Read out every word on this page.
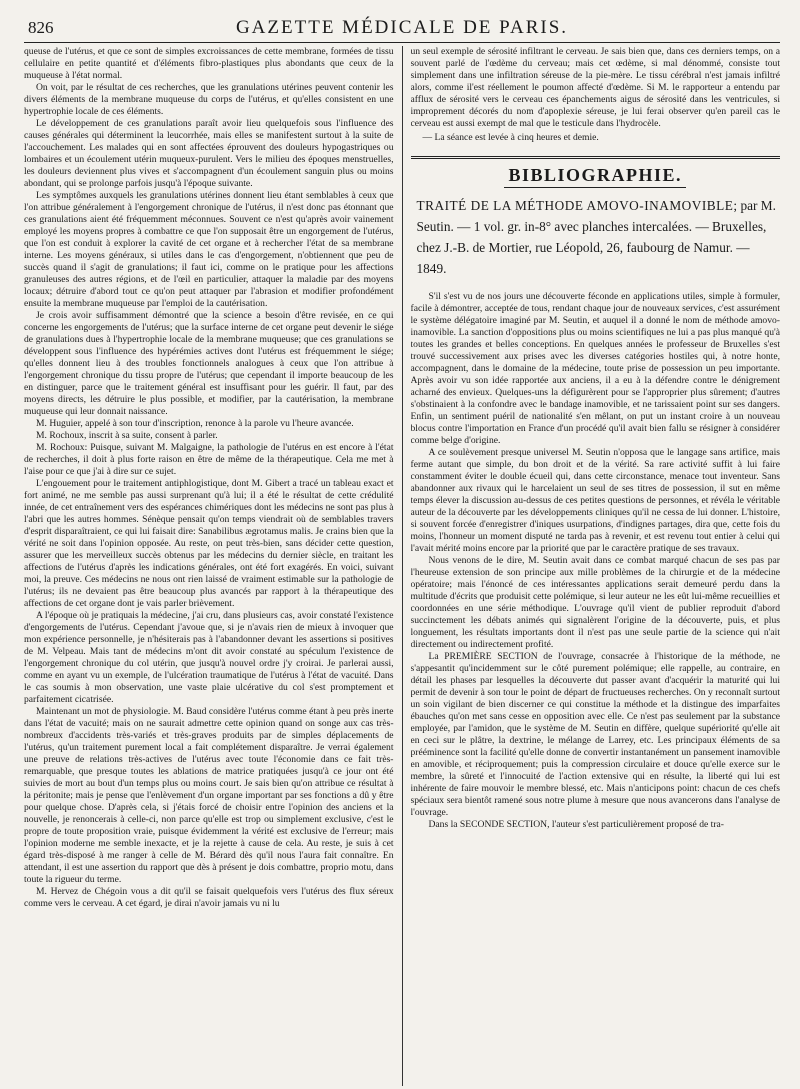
826	GAZETTE MÉDICALE DE PARIS.

queuse de l'utérus, et que ce sont de simples excroissances de cette membrane, formées de tissu cellulaire en petite quantité et d'éléments fibro-plastiques plus abondants que ceux de la muqueuse à l'état normal.

On voit, par le résultat de ces recherches, que les granulations utérines peuvent contenir les divers éléments de la membrane muqueuse du corps de l'utérus, et qu'elles consistent en une hypertrophie locale de ces éléments.

Le développement de ces granulations paraît avoir lieu quelquefois sous l'influence des causes générales qui déterminent la leucorrhée, mais elles se manifestent surtout à la suite de l'accouchement. Les malades qui en sont affectées éprouvent des douleurs hypogastriques ou lombaires et un écoulement utérin muqueux-purulent. Vers le milieu des époques menstruelles, les douleurs deviennent plus vives et s'accompagnent d'un écoulement sanguin plus ou moins abondant, qui se prolonge parfois jusqu'à l'époque suivante.

Les symptômes auxquels les granulations utérines donnent lieu étant semblables à ceux que l'on attribue généralement à l'engorgement chronique de l'utérus, il n'est donc pas étonnant que ces granulations aient été fréquemment méconnues. Souvent ce n'est qu'après avoir vainement employé les moyens propres à combattre ce que l'on supposait être un engorgement de l'utérus, que l'on est conduit à explorer la cavité de cet organe et à rechercher l'état de sa membrane interne. Les moyens généraux, si utiles dans le cas d'engorgement, n'obtiennent que peu de succès quand il s'agit de granulations; il faut ici, comme on le pratique pour les affections granuleuses des autres régions, et de l'œil en particulier, attaquer la maladie par des moyens locaux; détruire d'abord tout ce qu'on peut attaquer par l'abrasion et modifier profondément ensuite la membrane muqueuse par l'emploi de la cautérisation.

Je crois avoir suffisamment démontré que la science a besoin d'être revisée, en ce qui concerne les engorgements de l'utérus; que la surface interne de cet organe peut devenir le siége de granulations dues à l'hypertrophie locale de la membrane muqueuse; que ces granulations se développent sous l'influence des hypérémies actives dont l'utérus est fréquemment le siége; qu'elles donnent lieu à des troubles fonctionnels analogues à ceux que l'on attribue à l'engorgement chronique du tissu propre de l'utérus; que cependant il importe beaucoup de les en distinguer, parce que le traitement général est insuffisant pour les guérir. Il faut, par des moyens directs, les détruire le plus possible, et modifier, par la cautérisation, la membrane muqueuse qui leur donnait naissance.

M. Huguier, appelé à son tour d'inscription, renonce à la parole vu l'heure avancée.

M. Rochoux, inscrit à sa suite, consent à parler.

M. Rochoux: Puisque, suivant M. Malgaigne, la pathologie de l'utérus en est encore à l'état de recherches, il doit à plus forte raison en être de même de la thérapeutique. Cela me met à l'aise pour ce que j'ai à dire sur ce sujet.

L'engouement pour le traitement antiphlogistique, dont M. Gibert a tracé un tableau exact et fort animé, ne me semble pas aussi surprenant qu'à lui; il a été le résultat de cette crédulité innée, de cet entraînement vers des espérances chimériques dont les médecins ne sont pas plus à l'abri que les autres hommes. Sénèque pensait qu'on temps viendrait où de semblables travers d'esprit disparaîtraient, ce qui lui faisait dire: Sanabilibus ægrotamus malis. Je crains bien que la vérité ne soit dans l'opinion opposée. Au reste, on peut très-bien, sans décider cette question, assurer que les merveilleux succès obtenus par les médecins du dernier siècle, en traitant les affections de l'utérus d'après les indications générales, ont été fort exagérés. En voici, suivant moi, la preuve. Ces médecins ne nous ont rien laissé de vraiment estimable sur la pathologie de l'utérus; ils ne devaient pas être beaucoup plus avancés par rapport à la thérapeutique des affections de cet organe dont je vais parler brièvement.

A l'époque où je pratiquais la médecine, j'ai cru, dans plusieurs cas, avoir constaté l'existence d'engorgements de l'utérus. Cependant j'avoue que, si je n'avais rien de mieux à invoquer que mon expérience personnelle, je n'hésiterais pas à l'abandonner devant les assertions si positives de M. Velpeau. Mais tant de médecins m'ont dit avoir constaté au spéculum l'existence de l'engorgement chronique du col utérin, que jusqu'à nouvel ordre j'y croirai. Je parlerai aussi, comme en ayant vu un exemple, de l'ulcération traumatique de l'utérus à l'état de vacuité. Dans le cas soumis à mon observation, une vaste plaie ulcérative du col s'est promptement et parfaitement cicatrisée.

Maintenant un mot de physiologie. M. Baud considère l'utérus comme étant à peu près inerte dans l'état de vacuité; mais on ne saurait admettre cette opinion quand on songe aux cas très-nombreux d'accidents très-variés et très-graves produits par de simples déplacements de l'utérus, qu'un traitement purement local a fait complétement disparaître. Je verrai également une preuve de relations très-actives de l'utérus avec toute l'économie dans ce fait très-remarquable, que presque toutes les ablations de matrice pratiquées jusqu'à ce jour ont été suivies de mort au bout d'un temps plus ou moins court. Je sais bien qu'on attribue ce résultat à la péritonite; mais je pense que l'enlèvement d'un organe important par ses fonctions a dû y être pour quelque chose. D'après cela, si j'étais forcé de choisir entre l'opinion des anciens et la nouvelle, je renoncerais à celle-ci, non parce qu'elle est trop ou simplement exclusive, c'est le propre de toute proposition vraie, puisque évidemment la vérité est exclusive de l'erreur; mais l'opinion moderne me semble inexacte, et je la rejette à cause de cela. Au reste, je suis à cet égard très-disposé à me ranger à celle de M. Bérard dès qu'il nous l'aura fait connaître. En attendant, il est une assertion du rapport que dès à présent je dois combattre, proprio motu, dans toute la rigueur du terme.

M. Hervez de Chégoin vous a dit qu'il se faisait quelquefois vers l'utérus des flux séreux comme vers le cerveau. A cet égard, je dirai n'avoir jamais vu ni lu

un seul exemple de sérosité infiltrant le cerveau. Je sais bien que, dans ces derniers temps, on a souvent parlé de l'œdème du cerveau; mais cet œdème, si mal dénommé, consiste tout simplement dans une infiltration séreuse de la pie-mère. Le tissu cérébral n'est jamais infiltré alors, comme il'est réellement le poumon affecté d'œdème. Si M. le rapporteur a entendu par afflux de sérosité vers le cerveau ces épanchements aigus de sérosité dans les ventricules, si improprement décorés du nom d'apoplexie séreuse, je lui ferai observer qu'en pareil cas le cerveau est aussi exempt de mal que le testicule dans l'hydrocèle.

— La séance est levée à cinq heures et demie.

BIBLIOGRAPHIE.
TRAITÉ DE LA MÉTHODE AMOVO-INAMOVIBLE; par M. Seutin. — 1 vol. gr. in-8° avec planches intercalées. — Bruxelles, chez J.-B. de Mortier, rue Léopold, 26, faubourg de Namur. — 1849.

S'il s'est vu de nos jours une découverte féconde en applications utiles, simple à formuler, facile à démontrer, acceptée de tous, rendant chaque jour de nouveaux services, c'est assurément le système délégatoire imaginé par M. Seutin, et auquel il a donné le nom de méthode amovo-inamovible. La sanction d'oppositions plus ou moins scientifiques ne lui a pas plus manqué qu'à toutes les grandes et belles conceptions. En quelques années le professeur de Bruxelles s'est trouvé successivement aux prises avec les diverses catégories hostiles qui, à notre honte, accompagnent, dans le domaine de la médecine, toute prise de possession un peu importante. Après avoir vu son idée rapportée aux anciens, il a eu à la défendre contre le dénigrement acharné des envieux. Quelques-uns la défigurèrent pour se l'approprier plus sûrement; d'autres s'obstinaient à la confondre avec le bandage inamovible, et ne tarissaient point sur ses dangers. Enfin, un sentiment puéril de nationalité s'en mêlant, on put un instant croire à un nouveau blocus contre l'importation en France d'un procédé qu'il avait bien fallu se résigner à considérer comme belge d'origine.

A ce soulèvement presque universel M. Seutin n'opposa que le langage sans artifice, mais ferme autant que simple, du bon droit et de la vérité. Sa rare activité suffit à lui faire constamment éviter le double écueil qui, dans cette circonstance, menace tout inventeur. Sans abandonner aux rivaux qui le harcelaient un seul de ses titres de possession, il sut en même temps élever la discussion au-dessus de ces petites questions de personnes, et révéla le véritable auteur de la découverte par les développements cliniques qu'il ne cessa de lui donner. L'histoire, si souvent forcée d'enregistrer d'iniques usurpations, d'indignes partages, dira que, cette fois du moins, l'honneur un moment disputé ne tarda pas à revenir, et est revenu tout entier à celui qui l'avait mérité moins encore par la priorité que par le caractère pratique de ses travaux.

Nous venons de le dire, M. Seutin avait dans ce combat marqué chacun de ses pas par l'heureuse extension de son principe aux mille problèmes de la chirurgie et de la médecine opératoire; mais l'énoncé de ces intéressantes applications serait demeuré perdu dans la multitude d'écrits que produisit cette polémique, si leur auteur ne les eût lui-même recueillies et coordonnées en une série méthodique. L'ouvrage qu'il vient de publier reproduit d'abord succinctement les débats animés qui signalèrent l'origine de la découverte, puis, et plus longuement, les résultats importants dont il n'est pas une seule partie de la science qui n'ait directement ou indirectement profité.

La PREMIÈRE SECTION de l'ouvrage, consacrée à l'historique de la méthode, ne s'appesantit qu'incidemment sur le côté purement polémique; elle rappelle, au contraire, en détail les phases par lesquelles la découverte dut passer avant d'acquérir la maturité qui lui permit de devenir à son tour le point de départ de fructueuses recherches. On y reconnaît surtout un soin vigilant de bien discerner ce qui constitue la méthode et la distingue des imparfaites ébauches qu'on met sans cesse en opposition avec elle. Ce n'est pas seulement par la substance employée, par l'amidon, que le système de M. Seutin en diffère, quelque supériorité qu'elle ait en ceci sur le plâtre, la dextrine, le mélange de Larrey, etc. Les principaux éléments de sa prééminence sont la facilité qu'elle donne de convertir instantanément un pansement inamovible en amovible, et réciproquement; puis la compression circulaire et douce qu'elle exerce sur le membre, la sûreté et l'innocuité de l'action extensive qui en résulte, la liberté qui lui est inhérente de faire mouvoir le membre blessé, etc. Mais n'anticipons point: chacun de ces chefs spéciaux sera bientôt ramené sous notre plume à mesure que nous avancerons dans l'analyse de l'ouvrage.

Dans la SECONDE SECTION, l'auteur s'est particulièrement proposé de tra-
